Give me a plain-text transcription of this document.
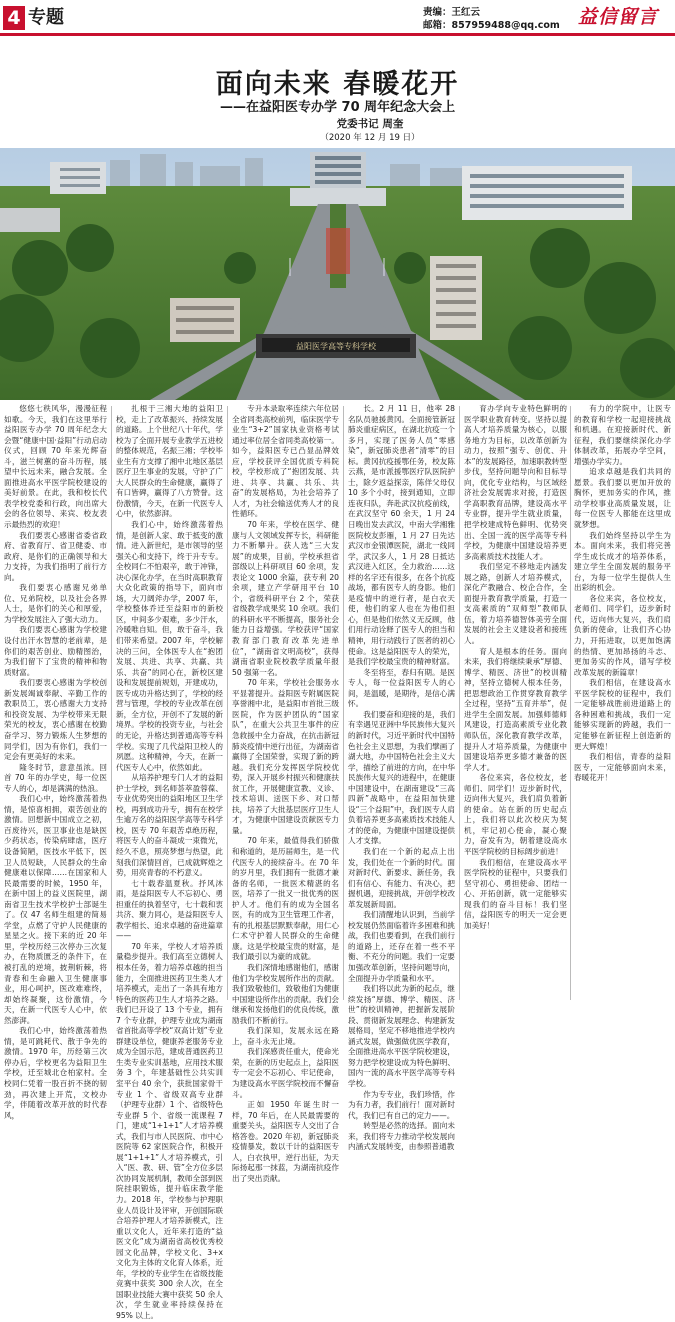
4 专题	责编：王红云
邮箱：857959488@qq.com 益信留言
面向未来 春暖花开
——在益阳医专办学 70 周年纪念大会上
党委书记 周奎
（2020 年 12 月 19 日）
益阳医学高等专科学校

悠悠七秩风华，漫漫征程如歌。今天，我们在这里举行益阳医专办学 70 周年纪念大会暨“健康中国·益阳”行动启动仪式，回顾 70 年来光辉奋斗，滋兰树蕙的奋斗历程，展望中长远未来，融合发展。全面推进高水平医学院校建设的美好前景。在此，我和校长代表学校党委和行政，向出席大会的各位领导、来宾、校友表示最热烈的欢迎！

我们要衷心感谢省委省政府、省教育厅、省卫健委、市政府、是你们的正确领导和大力支持，为我们指明了前行方向。

我们要衷心感谢兄弟单位、兄弟院校，以及社会各界人士，是你们的关心和厚爱，为学校发展注入了强大动力。

我们要衷心感谢为学校建设付出汗水智慧的老前辈，是你们的艰苦创业、励精图治，为我们留下了宝贵的精神和物质财富。

我们要衷心感谢为学校创新发展竭诚奉献、辛勤工作的教职员工，衷心感谢大力支持和投资发展、为学校带来无限荣光的校友，衷心感谢在校勤奋学习、努力锻炼人生梦想的同学们，因为有你们，我们一定会有更美好的未来。

隆冬时节，意意虽浓。回首 70 年的办学史，每一位医专人的心，却是满满的热浪。

我们心中，始终激荡着热情，是惊喜相拥，艰苦创业的激情。回想新中国成立之初，百废待兴，医卫事业也是缺医少药状态，传染病肆虐，医疗设备简陋，医技水平低下，医卫人员短缺，人民群众的生命健康难以保障……在国家和人民最需要的时候，1950 年，在新中国上的益义医院里，湖南省卫生技术学校护士部诞生了。仅 47 名师生组建的简易学堂，点燃了守护人民健康的星星之火。接下来的近 20 年里，学校历经三次停办三次复办，在物质匮乏的条件下，在被打乱的逆境，披荆斩棘，将青春和生命融入卫生健康事业，用心呵护，医改难难终，却始终凝聚，这份激情，今天，在新一代医专人心中，依然澎湃。

我们心中，始终激荡着热情，是可跳耗代、散于争先的激情。1970 年，历经第三次停办后，学校更名为益阳卫生学校，迁至城北仓柏家村。全校同仁凭着一股百折不挠的韧劲，再次建上开荒，文校办学，伴随着改革开放的时代春风，

扎根于三湘大地的益阳卫校，走上了改革振兴、持续发展的道路。上个世纪八十年代，学校为了全面开展专业教学五进校的整体规范，名振三湘；学校毕业生有方支撑了湘中北地区基层医疗卫生事业的发展，守护了广大人民群众的生命健康，赢得了有口皆碑，赢得了八方赞誉。这份激情，今天，在新一代医专人心中，依然澎湃。

我们心中，始终激荡着热情，是创新人家、敢于抵变的激情。进入新世纪，是市领导的坚强关心和支持下，终于升专专。全校同仁不怕艰辛，敢于冲锋，决心深化办学，在当时高职教育大众化政策的指导下，面向市场，大刀阔斧办学，2007 年，学校整体乔迁至益阳市的新校区，中间多少艰难，多少汗水，冷暖唯自知。但，敢于奋斗，我们带来希望。2007 年，学校解决的三问，全体医专人在“抱团发展、共进、共享、共赢、共乐、共奋”的同心在，新校区建设和发展提前规划，开建成功，医专成功升格达到了，学校的经营与管理，学校的专业改革在创新，全方位，开创不了发展的新境界。学校的投资专业，与社会的无论，升格达到普通高等专科学校。实现了几代益阳卫校人的夙愿。这种精神，今天，在新一代医专人心中，依然如此。

从培养护理专门人才的益阳护士学校，到名师荟萃盈蓉葆、专业优势突出的益阳地区卫生学校，再到成功升专，拥有在校学生逾万名的益阳医学高等专科学校，医专 70 年艰苦卓绝历程，将医专人的奋斗凝成一束微光，经久不息，照亮梦想与热望，此刻我们深情回首，已成就辉煌之势，用亮青春的不朽意义。

七十载春温夏秋。抒风沐雨，是益阳医专人不忘初心、勇担重任的执着坚守，七十载和衷共济、聚力同心，是益阳医专人教学相长、追求卓越的奋进篇章——

70 年来，学校人才培养质量稳步提升。我们高至立德树人根本任务，着力培养卓越的担当能力，全面推进医药卫生类人才培养模式，走出了一条具有地方特色的医药卫生人才培养之路。我们已开设了 13 个专业，拥有 7 个专业群，护理专业成为湖南省首批高等学校“双高计划”专业群建设单位，健康养老服务专业成为全国示范，建成普通医药卫生类专业实训基地，应用技术服务 3 个，年建基础性公共实训室平台 40 余个，获批国家骨干专业 1 个、省级双高专业群（护理专业群）1 个、省级特色专业群 5 个、省级一流课程 7 门，建成“1+1+1”人才培养模式，我们与市人民医院、市中心医院等 62 家医院合作，积极开展“1+1+1”人才培养模式，引入“医、教、研、管”全方位多层次协同发展机制，教师全部到医院挂职锻炼，提升临床教学能力。2018 年，学校参与护理职业人员设计及评审，开创国际联合培养护理人才培养新模式，注重以文化人，近年来打造的“益医文化”成为湖南省高校优秀校园文化品牌，学校文化、3+x 文化为主体的文化育人体系，近年，学校的专业学生在省级技能竞赛中获奖 300 余人次，在全国职业技能大赛中获奖 50 余人次，学生就业率持续保持在 95% 以上。

专升本录取率连续六年位居全省同类高校前列，临床医学专业生“3+2”国家执业资格考试通过率位居全省同类高校第一。如今，益阳医专已凸显品牌效应，学校获评全国优质专科院校，学校形成了“抱团发展、共进、共享、共赢、共乐、共奋”的发展格局，为社会培养了人才，为社会输送优秀人才的良性循环。

70 年来，学校在医学、健康与人文领域发挥专长，科研能力不断攀升。获人选“三大发展”的成果，目前，学校承担省部级以上科研项目 60 余项，发表论文 1000 余篇，获专利 20 余项，建立产学研用平台 10 个，省级科研平台 2 个，荣获省级教学成果奖 10 余项。我们的科研水平不断提高，服务社会能力日益增强。学校获评“国家教育部门教育改革先进单位”，“湖南省文明高校”，获得湖南省职业院校教学质量年报 50 强第一名。

70 年来，学校社会服务水平显著提升。益阳医专附属医院享誉湘中北，是益阳市首批三级医院，作为医护团队的“国家队”，在重大公共卫生事件的应急救援中全力奋战，在抗击新冠肺炎疫情中逆行出征，为湖南省赢得了全国荣誉，实现了新的跨越。我们充分发挥医学院校优势，深入开展乡村振兴和健康扶贫工作，开展健康宣教、义诊、技术培训、送医下乡、对口帮扶，培养了大批基层医疗卫生人才，为健康中国建设贡献医专力量。

70 年来，最值得我们骄傲和称道的，是历届师生，是一代代医专人的接续奋斗。在 70 年的岁月里，我们拥有一批德才兼备的名师，一批医术精湛的名医，培养了一批又一批优秀的医护人才。他们有的成为全国名医，有的成为卫生管理工作者，有的扎根基层默默奉献，用仁心仁术守护着人民群众的生命健康。这是学校最宝贵的财富，是我们最引以为豪的成就。

我们深情地感谢他们，感谢他们为学校发展所作出的贡献。我们致敬他们，致敬他们为健康中国建设所作出的贡献。我们会继承和发扬他们的优良传统，激励我们不断前行。

我们深知，发展永远在路上，奋斗永无止境。

我们深感责任重大，使命光荣，在新的历史起点上，益阳医专一定会不忘初心、牢记使命，为建设高水平医学院校而不懈奋斗。

正如 1950 年诞生时一样，70 年后，在人民最需要的重要关头，益阳医专人交出了合格答卷。2020 年初，新冠肺炎疫情暴发，数以千计的益阳医专人，白衣执甲，逆行出征，为天际扬起那一抹蓝，为湖南抗疫作出了突出贡献。

长。2 月 11 日，他率 28 名队员驰援黄冈。全面接管新冠肺炎重症病区，在湖北抗疫一个多月，实现了医务人员“零感染”，新冠肺炎患者“清零”的目标。黄冈抗疫援鄂任务，校友陈云燕，是市派援鄂医疗队医院护士，除夕返益探亲，陈佯父母仅 10 多个小时，接到通知，立即连夜归队，奔赴武汉抗疫前线，在武汉坚守 60 余天，1 月 24 日晚出发去武汉，中南大学湘雅医院校友彭雁，1 月 27 日先达武汉市金银潭医院，湖北一线同学，武汉多人，1 月 28 日抵达武汉进入红区，全力救治……这样的名字还有很多，在各个抗疫战场，都有医专人的身影。他们是疫情中的逆行者，是白衣天使，他们的家人也在为他们担心，但是他们依然义无反顾，他们用行动诠释了医专人的担当和精神，用行动践行了医者的初心使命。这是益阳医专人的荣光，是我们学校最宝贵的精神财富。

冬至将至，春归有期。是医专人，每一位益阳医专人的心间，是温暖，是期待，是信心满怀。

我们要奋和迎接的是，我们有幸遇见亚洲中华民族伟大复兴的新时代，习近平新时代中国特色社会主义思想，为我们擘画了湖大地，办中国特色社会主义大学，描绘了前进的方向，在中华民族伟大复兴的进程中，在健康中国建设中，在湖南建设“三高四新”战略中，在益阳加快建设“三个益阳”中，我们医专人肩负着培养更多高素质技术技能人才的使命，为健康中国建设提供人才支撑。

我们在一个新的起点上出发，我们处在一个新的时代。面对新时代、新要求、新任务，我们有信心、有能力、有决心，把握机遇，迎接挑战，开创学校改革发展新局面。

我们清醒地认识到，当前学校发展仍然面临着许多困难和挑战，我们也要看到，在我们前行的道路上，还存在着一些不平衡、不充分的问题。我们一定要加强改革创新，坚持问题导向，全面提升办学质量和水平。

我们将以此为新的起点，继续发扬“厚德、博学、精医、济世”的校训精神，把握新发展阶段、贯彻新发展理念、构建新发展格局，坚定不移地推进学校内涵式发展，做强做优医学教育，全面推进高水平医学院校建设，努力把学校建设成为特色鲜明、国内一流的高水平医学高等专科学校。

作为专专业，我们珍惜，作为有力者，我们前行！面对新时代，我们已有自己的定力——。

转型是必然的选择。面向未来，我们将专力推动学校发展向内涵式发展转变，由参照普通教

育办学向专业特色鲜明的医学职业教育转变。坚持以提高人才培养质量为核心，以服务地方为目标，以改革创新为动力，按照“强专、创优、升本”的发展路径，加速职教转型步伐，坚持问题导向和目标导向，优化专业结构，与区域经济社会发展需求对接，打造医学高职教育品牌，建设高水平专业群，提升学生就业质量，把学校建成特色鲜明、优势突出、全国一流的医学高等专科学校，为健康中国建设培养更多高素质技术技能人才。

我们坚定不移地走内涵发展之路，创新人才培养模式，深化产教融合、校企合作，全面提升教育教学质量，打造一支高素质的“双师型”教师队伍，着力培养德智体美劳全面发展的社会主义建设者和接班人。

育人是根本的任务。面向未来，我们将继续秉承“厚德、博学、精医、济世”的校训精神，坚持立德树人根本任务，把思想政治工作贯穿教育教学全过程，坚持“五育并举”，促进学生全面发展。加强师德师风建设，打造高素质专业化教师队伍，深化教育教学改革，提升人才培养质量，为健康中国建设培养更多德才兼备的医学人才。

各位来宾，各位校友，老师们、同学们！迈步新时代，迈向伟大复兴，我们肩负着新的使命。站在新的历史起点上，我们将以此次校庆为契机，牢记初心使命，凝心聚力，奋发有为，朝着建设高水平医学院校的目标阔步前进！

我们相信，在建设高水平医学院校的征程中，只要我们坚守初心、勇担使命、团结一心、开拓创新，就一定能够实现我们的奋斗目标！我们坚信，益阳医专的明天一定会更加美好！

有力的学院中，让医专的教育和学校一起迎接挑战和机遇。在迎接新时代、新征程，我们要继续深化办学体制改革，拓展办学空间，增强办学实力。

追求卓越是我们共同的愿景。我们要以更加开放的胸怀，更加务实的作风，推动学校事业高质量发展，让每一位医专人都能在这里成就梦想。

我们始终坚持以学生为本。面向未来，我们将完善学生成长成才的培养体系，建立学生全面发展的服务平台，为每一位学生提供人生出彩的机会。

各位来宾，各位校友，老师们、同学们，迈步新时代，迈向伟大复兴，我们肩负新的使命，让我们齐心协力，开拓进取，以更加饱满的热情、更加昂扬的斗志、更加务实的作风，谱写学校改革发展的新篇章！

我们相信，在建设高水平医学院校的征程中，我们一定能够战胜前进道路上的各种困难和挑战，我们一定能够实现新的跨越，我们一定能够在新征程上创造新的更大辉煌！

我们相信，青春的益阳医专，一定能够面向未来，春暖花开！
